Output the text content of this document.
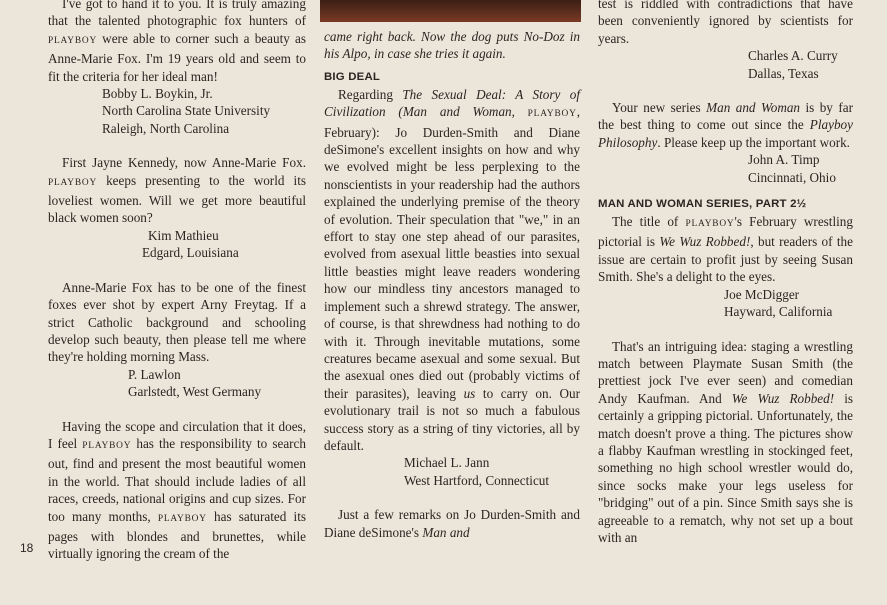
I've got to hand it to you. It is truly amazing that the talented photographic fox hunters of PLAYBOY were able to corner such a beauty as Anne-Marie Fox. I'm 19 years old and seem to fit the criteria for her ideal man!

Bobby L. Boykin, Jr.
North Carolina State University
Raleigh, North Carolina

First Jayne Kennedy, now Anne-Marie Fox. PLAYBOY keeps presenting to the world its loveliest women. Will we get more beautiful black women soon?

Kim Mathieu
Edgard, Louisiana

Anne-Marie Fox has to be one of the finest foxes ever shot by expert Arny Freytag. If a strict Catholic background and schooling develop such beauty, then please tell me where they're holding morning Mass.

P. Lawlon
Garlstedt, West Germany

Having the scope and circulation that it does, I feel PLAYBOY has the responsibility to search out, find and present the most beautiful women in the world. That should include ladies of all races, creeds, national origins and cup sizes. For too many months, PLAYBOY has saturated its pages with blondes and brunettes, while virtually ignoring the cream of the

came right back. Now the dog puts No-Doz in his Alpo, in case she tries it again.

BIG DEAL

Regarding The Sexual Deal: A Story of Civilization (Man and Woman, PLAYBOY, February): Jo Durden-Smith and Diane deSimone's excellent insights on how and why we evolved might be less perplexing to the nonscientists in your readership had the authors explained the underlying premise of the theory of evolution. Their speculation that "we," in an effort to stay one step ahead of our parasites, evolved from asexual little beasties into sexual little beasties might leave readers wondering how our mindless tiny ancestors managed to implement such a shrewd strategy. The answer, of course, is that shrewdness had nothing to do with it. Through inevitable mutations, some creatures became asexual and some sexual. But the asexual ones died out (probably victims of their parasites), leaving us to carry on. Our evolutionary trail is not so much a fabulous success story as a string of tiny victories, all by default.

Michael L. Jann
West Hartford, Connecticut

Just a few remarks on Jo Durden-Smith and Diane deSimone's Man and

test is riddled with contradictions that have been conveniently ignored by scientists for years.

Charles A. Curry
Dallas, Texas

Your new series Man and Woman is by far the best thing to come out since the Playboy Philosophy. Please keep up the important work.

John A. Timp
Cincinnati, Ohio
MAN AND WOMAN SERIES, PART 2½

The title of PLAYBOY's February wrestling pictorial is We Wuz Robbed!, but readers of the issue are certain to profit just by seeing Susan Smith. She's a delight to the eyes.

Joe McDigger
Hayward, California

That's an intriguing idea: staging a wrestling match between Playmate Susan Smith (the prettiest jock I've ever seen) and comedian Andy Kaufman. And We Wuz Robbed! is certainly a gripping pictorial. Unfortunately, the match doesn't prove a thing. The pictures show a flabby Kaufman wrestling in stockinged feet, something no high school wrestler would do, since socks make your legs useless for "bridging" out of a pin. Since Smith says she is agreeable to a rematch, why not set up a bout with an

18
